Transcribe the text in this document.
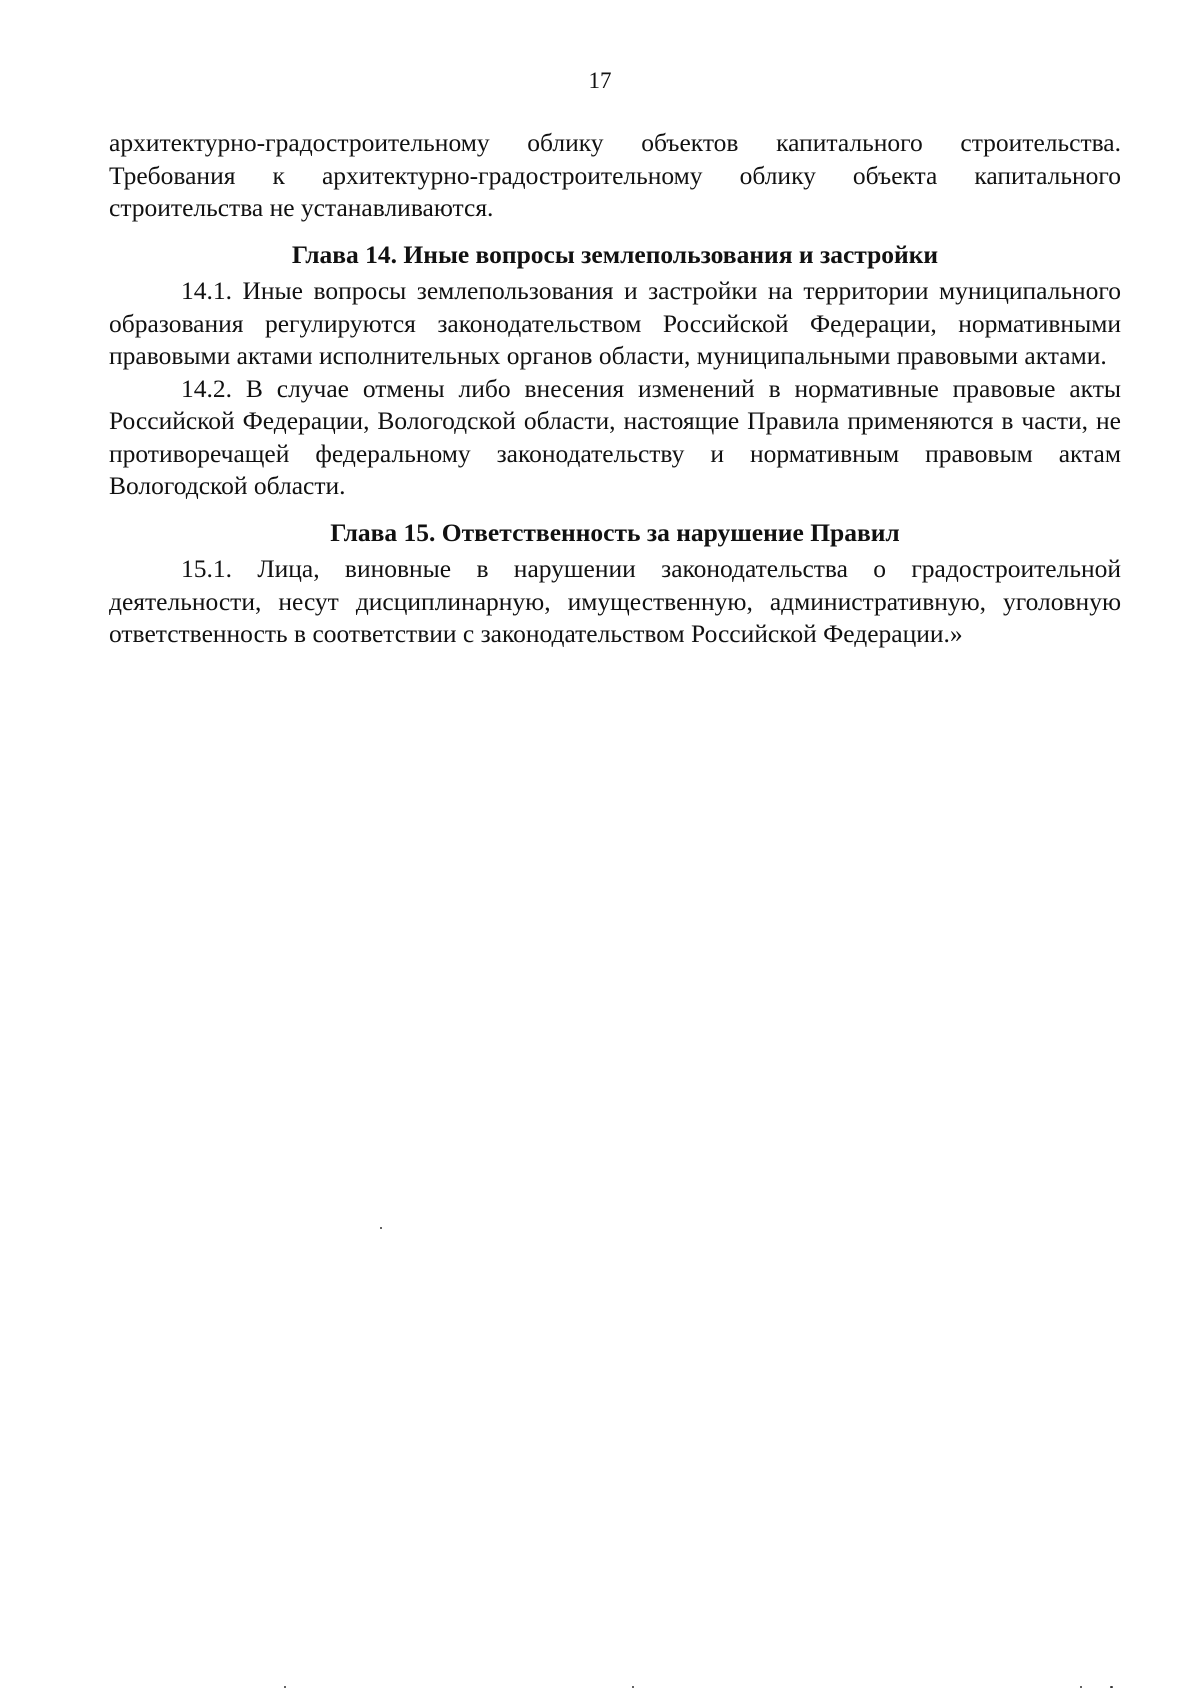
17

архитектурно-градостроительному облику объектов капитального строительства. Требования к архитектурно-градостроительному облику объекта капитального строительства не устанавливаются.

Глава 14. Иные вопросы землепользования и застройки

14.1. Иные вопросы землепользования и застройки на территории муниципального образования регулируются законодательством Российской Федерации, нормативными правовыми актами исполнительных органов области, муниципальными правовыми актами.

14.2. В случае отмены либо внесения изменений в нормативные правовые акты Российской Федерации, Вологодской области, настоящие Правила применяются в части, не противоречащей федеральному законодательству и нормативным правовым актам Вологодской области.

Глава 15. Ответственность за нарушение Правил

15.1. Лица, виновные в нарушении законодательства о градостроительной деятельности, несут дисциплинарную, имущественную, административную, уголовную ответственность в соответствии с законодательством Российской Федерации.»
